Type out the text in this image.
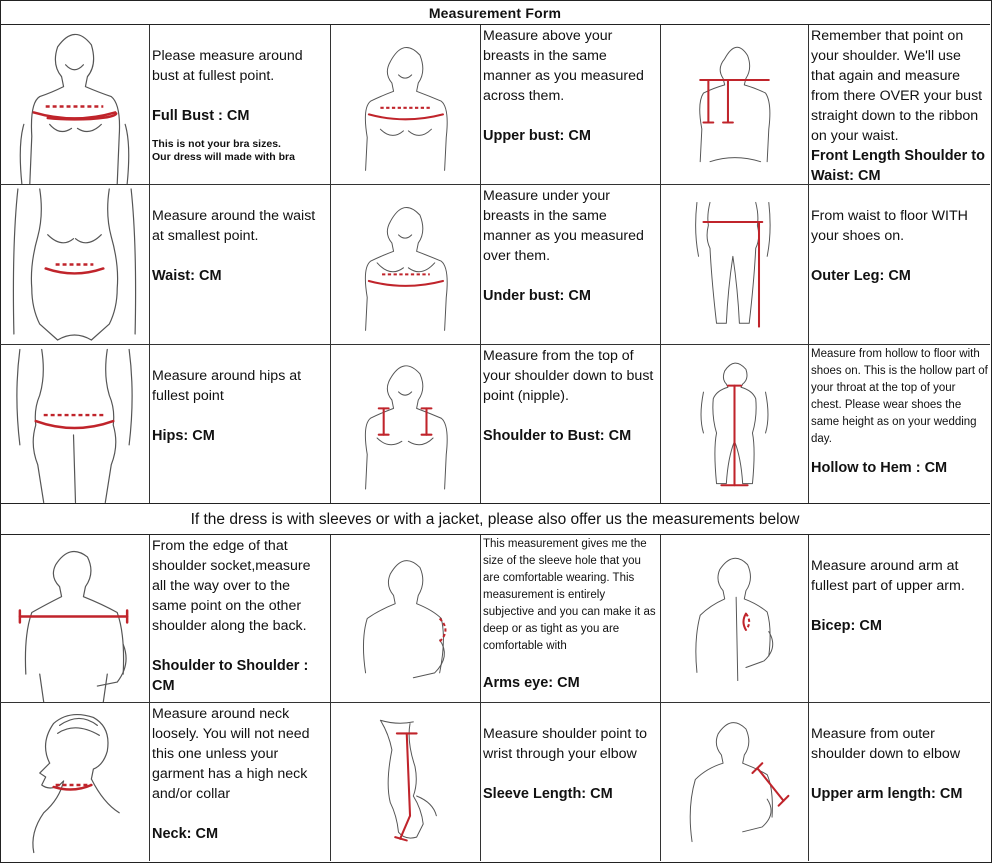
Measurement Form
Please measure around bust at fullest point.
Full Bust : CM
This is not your bra sizes.
Our dress will made with bra
Measure above your breasts in the same manner as you measured across them.
Upper bust: CM
Remember that point on your shoulder. We'll use that again and measure from there OVER your bust straight down to the ribbon on your waist.
Front Length Shoulder to Waist: CM
Measure around the waist at smallest point.
Waist: CM
Measure under your breasts in the same manner as you measured over them.
Under bust: CM
From waist to floor WITH your shoes on.
Outer Leg: CM
Measure around hips at fullest point
Hips: CM
Measure from the top of your shoulder down to bust point (nipple).
Shoulder to Bust: CM
Measure from hollow to floor with shoes on. This is the hollow part of your throat at the top of your chest. Please wear shoes the same height as on your wedding day.
Hollow to Hem : CM
If the dress is with sleeves or with a jacket, please also offer us the measurements below
From the edge of that shoulder socket,measure all the way over to the same point on the other shoulder along the back.
Shoulder to Shoulder : CM
This measurement gives me the size of the sleeve hole that you are comfortable wearing. This measurement is entirely subjective and you can make it as deep or as tight as you are comfortable with
Arms eye: CM
Measure around arm at fullest part of upper arm.
Bicep: CM
Measure around neck loosely. You will not need this one unless your garment has a high neck and/or collar
Neck: CM
Measure shoulder point to wrist through your elbow
Sleeve Length: CM
Measure from outer shoulder down to elbow
Upper arm length: CM
